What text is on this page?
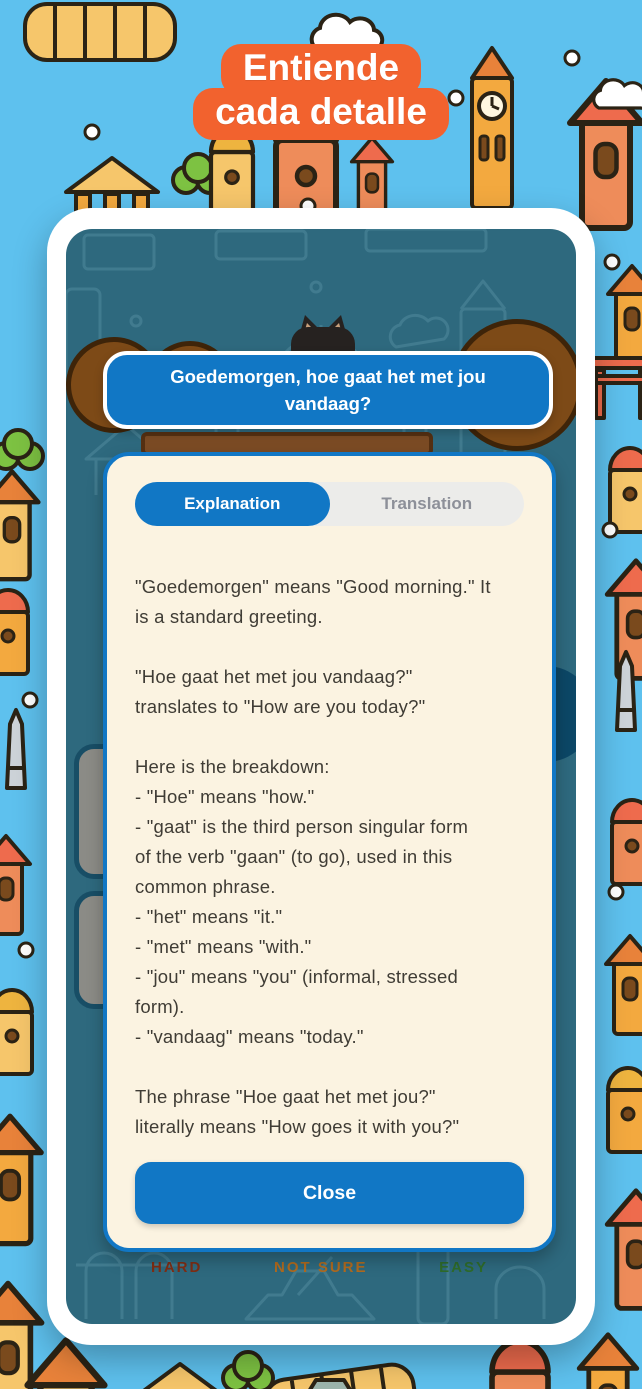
Entiende
cada detalle
Goedemorgen, hoe gaat het met jou vandaag?
Explanation	Translation

"Goedemorgen" means "Good morning." It
is a standard greeting.

"Hoe gaat het met jou vandaag?"
translates to "How are you today?"

Here is the breakdown:
- "Hoe" means "how."
- "gaat" is the third person singular form
of the verb "gaan" (to go), used in this
common phrase.
- "het" means "it."
- "met" means "with."
- "jou" means "you" (informal, stressed
form).
- "vandaag" means "today."

The phrase "Hoe gaat het met jou?"
literally means "How goes it with you?"

Close
HARD	NOT SURE	EASY
